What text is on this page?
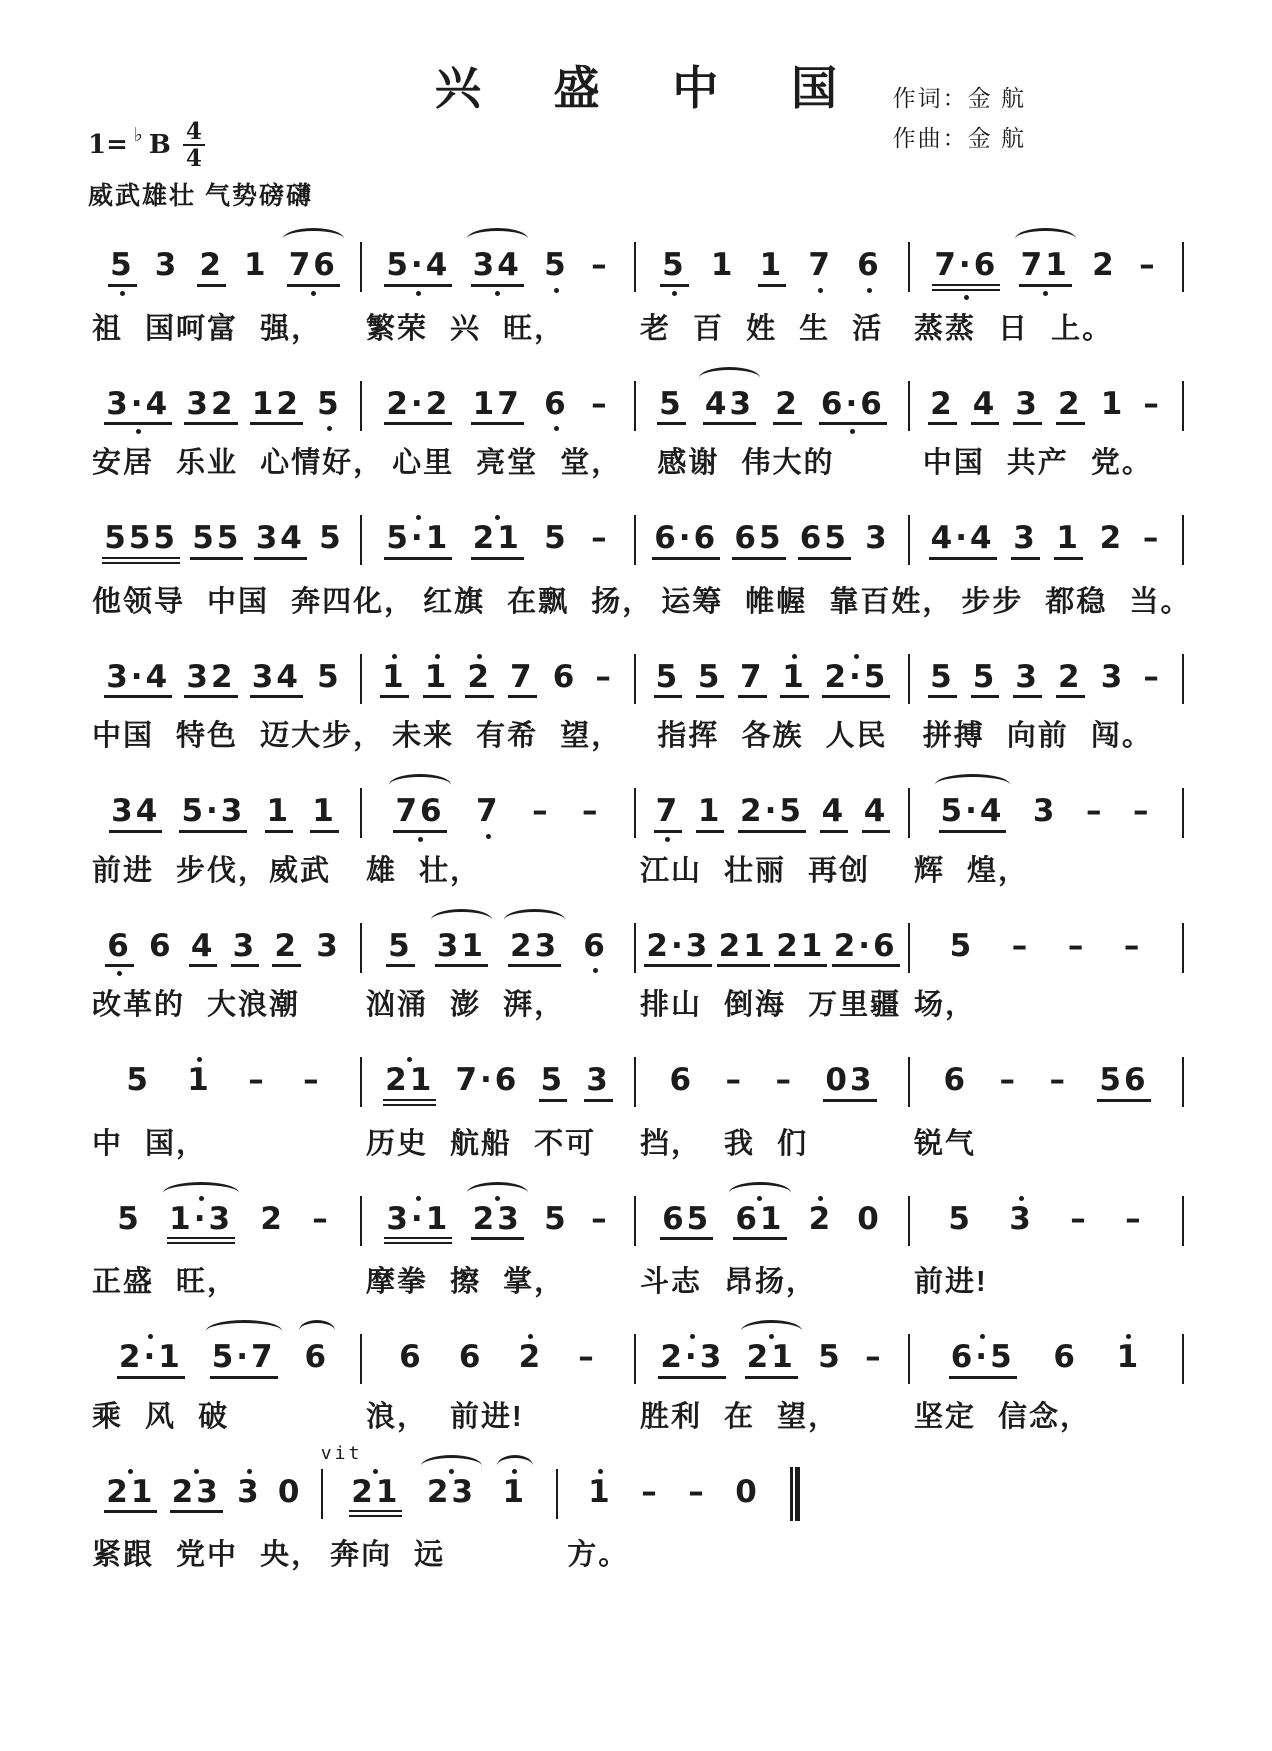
兴 盛 中 国	作词：金 航
作曲：金 航
1= ♭ B $\frac{4}{4}$
威武雄壮 气势磅礴
5 3 2 1 76 5·4 34 5 – 5 1 1 7 6 7·6 71 2 –
祖 国呵富 强，	繁荣 兴 旺，	老 百 姓 生 活	蒸蒸 日 上。
3·4 32 12 5 2·2 17 6 – 5 43 2 6·6 2 4 3 2 1 –
安居 乐业 心情好， 心里 亮堂 堂，	感谢 伟大的	中国 共产 党。
555 55 34 5 5·1 21 5 – 6·6 65 65 3 4·4 3 1 2 –
他领导 中国 奔四化， 红旗 在飘 扬， 运筹 帷幄 靠百姓， 步步 都稳 当。
3·4 32 34 5 1 1 2 7 6 – 5 5 7 1 2·5 5 5 3 2 3 –
中国 特色 迈大步， 未来 有希 望，	指挥 各族 人民	拼搏 向前 闯。
34 5·3 1 1 76 7 – – 7 1 2·5 4 4 5·4 3 – –
前进 步伐，威武	雄 壮，	江山 壮丽 再创	辉 煌，
6 6 4 3 2 3 5 31 23 6 2·3 21 21 2·6 5 – – –
改革的 大浪潮	汹涌 澎 湃，	排山 倒海 万里疆 场，
5 1 – – 21 7·6 5 3 6 – – 03 6 – – 56
中 国，	历史 航船 不可	挡， 我 们	锐气
5 1·3 2 – 3·1 23 5 – 65 61 2 0 5 3 – –
正盛 旺，	摩拳 擦 掌，	斗志 昂扬，	前进!
2·1 5·7 6 6 6 2 – 2·3 21 5 – 6·5 6 1
乘 风 破	浪， 前进!	胜利 在 望，	坚定 信念，
21 23 3 0
vit
21 23 1 1 – – 0
紧跟 党中 央， 奔向 远	方。
